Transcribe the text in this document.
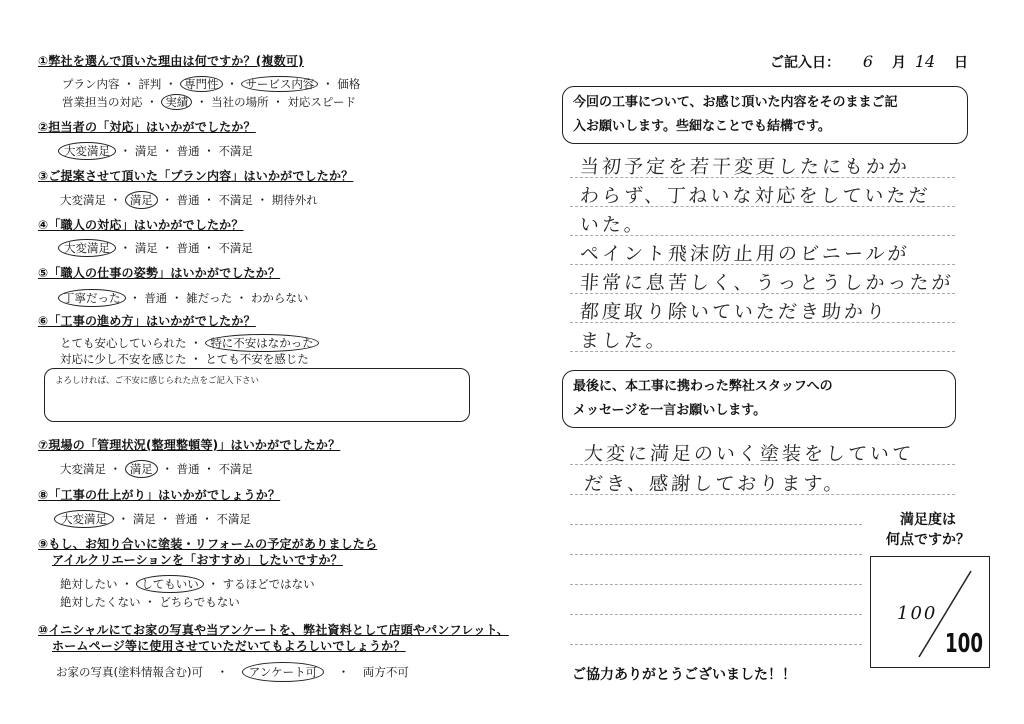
ご記入日： 6 月 14 日
①弊社を選んで頂いた理由は何ですか？(複数可)
プラン内容 ・ 評判 ・ 専門性 ・ サービス内容 ・ 価格
営業担当の対応 ・ 実績 ・ 当社の場所 ・ 対応スピード
②担当者の「対応」はいかがでしたか？
大変満足 ・ 満足 ・ 普通 ・ 不満足
③ご提案させて頂いた「プラン内容」はいかがでしたか？
大変満足 ・ 満足 ・ 普通 ・ 不満足 ・ 期待外れ
④「職人の対応」はいかがでしたか？
大変満足 ・ 満足 ・ 普通 ・ 不満足
⑤「職人の仕事の姿勢」はいかがでしたか？
丁寧だった ・ 普通 ・ 雑だった ・ わからない
⑥「工事の進め方」はいかがでしたか？
とても安心していられた ・ 特に不安はなかった
対応に少し不安を感じた ・ とても不安を感じた
よろしければ、ご不安に感じられた点をご記入下さい
⑦現場の「管理状況(整理整頓等)」はいかがでしたか？
大変満足 ・ 満足 ・ 普通 ・ 不満足
⑧「工事の仕上がり」はいかがでしょうか？
大変満足 ・ 満足 ・ 普通 ・ 不満足
⑨もし、お知り合いに塗装・リフォームの予定がありましたら
アイルクリエーションを「おすすめ」したいですか？
絶対したい ・ してもいい ・ するほどではない
絶対したくない ・ どちらでもない
⑩イニシャルにてお家の写真や当アンケートを、弊社資料として店頭やパンフレット、
ホームページ等に使用させていただいてもよろしいでしょうか？
お家の写真(塗料情報含む)可 ・ アンケート可 ・ 両方不可
今回の工事について、お感じ頂いた内容をそのままご記
入お願いします。些細なことでも結構です。
当初予定を若干変更したにもかか
わらず、丁ねいな対応をしていただ
いた。
ペイント飛沫防止用のビニールが
非常に息苦しく、うっとうしかったが
都度取り除いていただき助かり
ました。
最後に、本工事に携わった弊社スタッフへの
メッセージを一言お願いします。
大変に満足のいく塗装をしていて
だき、感謝しております。
満足度は
何点ですか？
100
100
ご協力ありがとうございました！！
